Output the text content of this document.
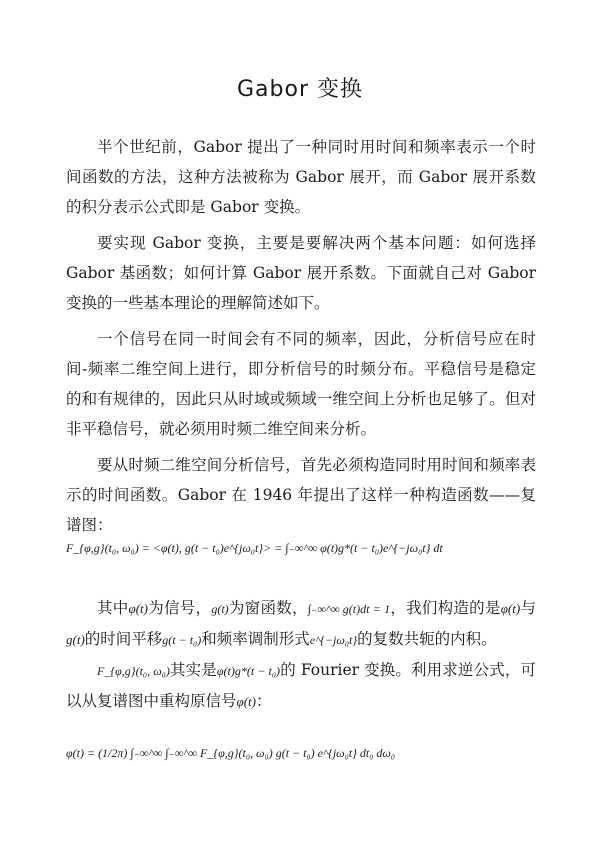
Gabor 变换
半个世纪前，Gabor 提出了一种同时用时间和频率表示一个时间函数的方法，这种方法被称为 Gabor 展开，而 Gabor 展开系数的积分表示公式即是 Gabor 变换。
要实现 Gabor 变换，主要是要解决两个基本问题：如何选择 Gabor 基函数；如何计算 Gabor 展开系数。下面就自己对 Gabor 变换的一些基本理论的理解简述如下。
一个信号在同一时间会有不同的频率，因此，分析信号应在时间-频率二维空间上进行，即分析信号的时频分布。平稳信号是稳定的和有规律的，因此只从时域或频域一维空间上分析也足够了。但对非平稳信号，就必须用时频二维空间来分析。
要从时频二维空间分析信号，首先必须构造同时用时间和频率表示的时间函数。Gabor 在 1946 年提出了这样一种构造函数——复谱图：
F_{φ,g}(t₀, ω₀) = <φ(t), g(t − t₀)e^{jω₀t}> = ∫₋∞^∞ φ(t)g*(t − t₀)e^{−jω₀t} dt
其中φ(t)为信号，g(t)为窗函数，∫₋∞^∞ g(t)dt = 1，我们构造的是φ(t)与g(t)的时间平移g(t − t₀)和频率调制形式e^{−jω₀t}的复数共轭的内积。
F_{φ,g}(t₀, ω₀)其实是φ(t)g*(t − t₀)的 Fourier 变换。利用求逆公式，可以从复谱图中重构原信号φ(t)：
φ(t) = (1/2π) ∫₋∞^∞ ∫₋∞^∞ F_{φ,g}(t₀, ω₀) g(t − t₀) e^{jω₀t} dt₀ dω₀
